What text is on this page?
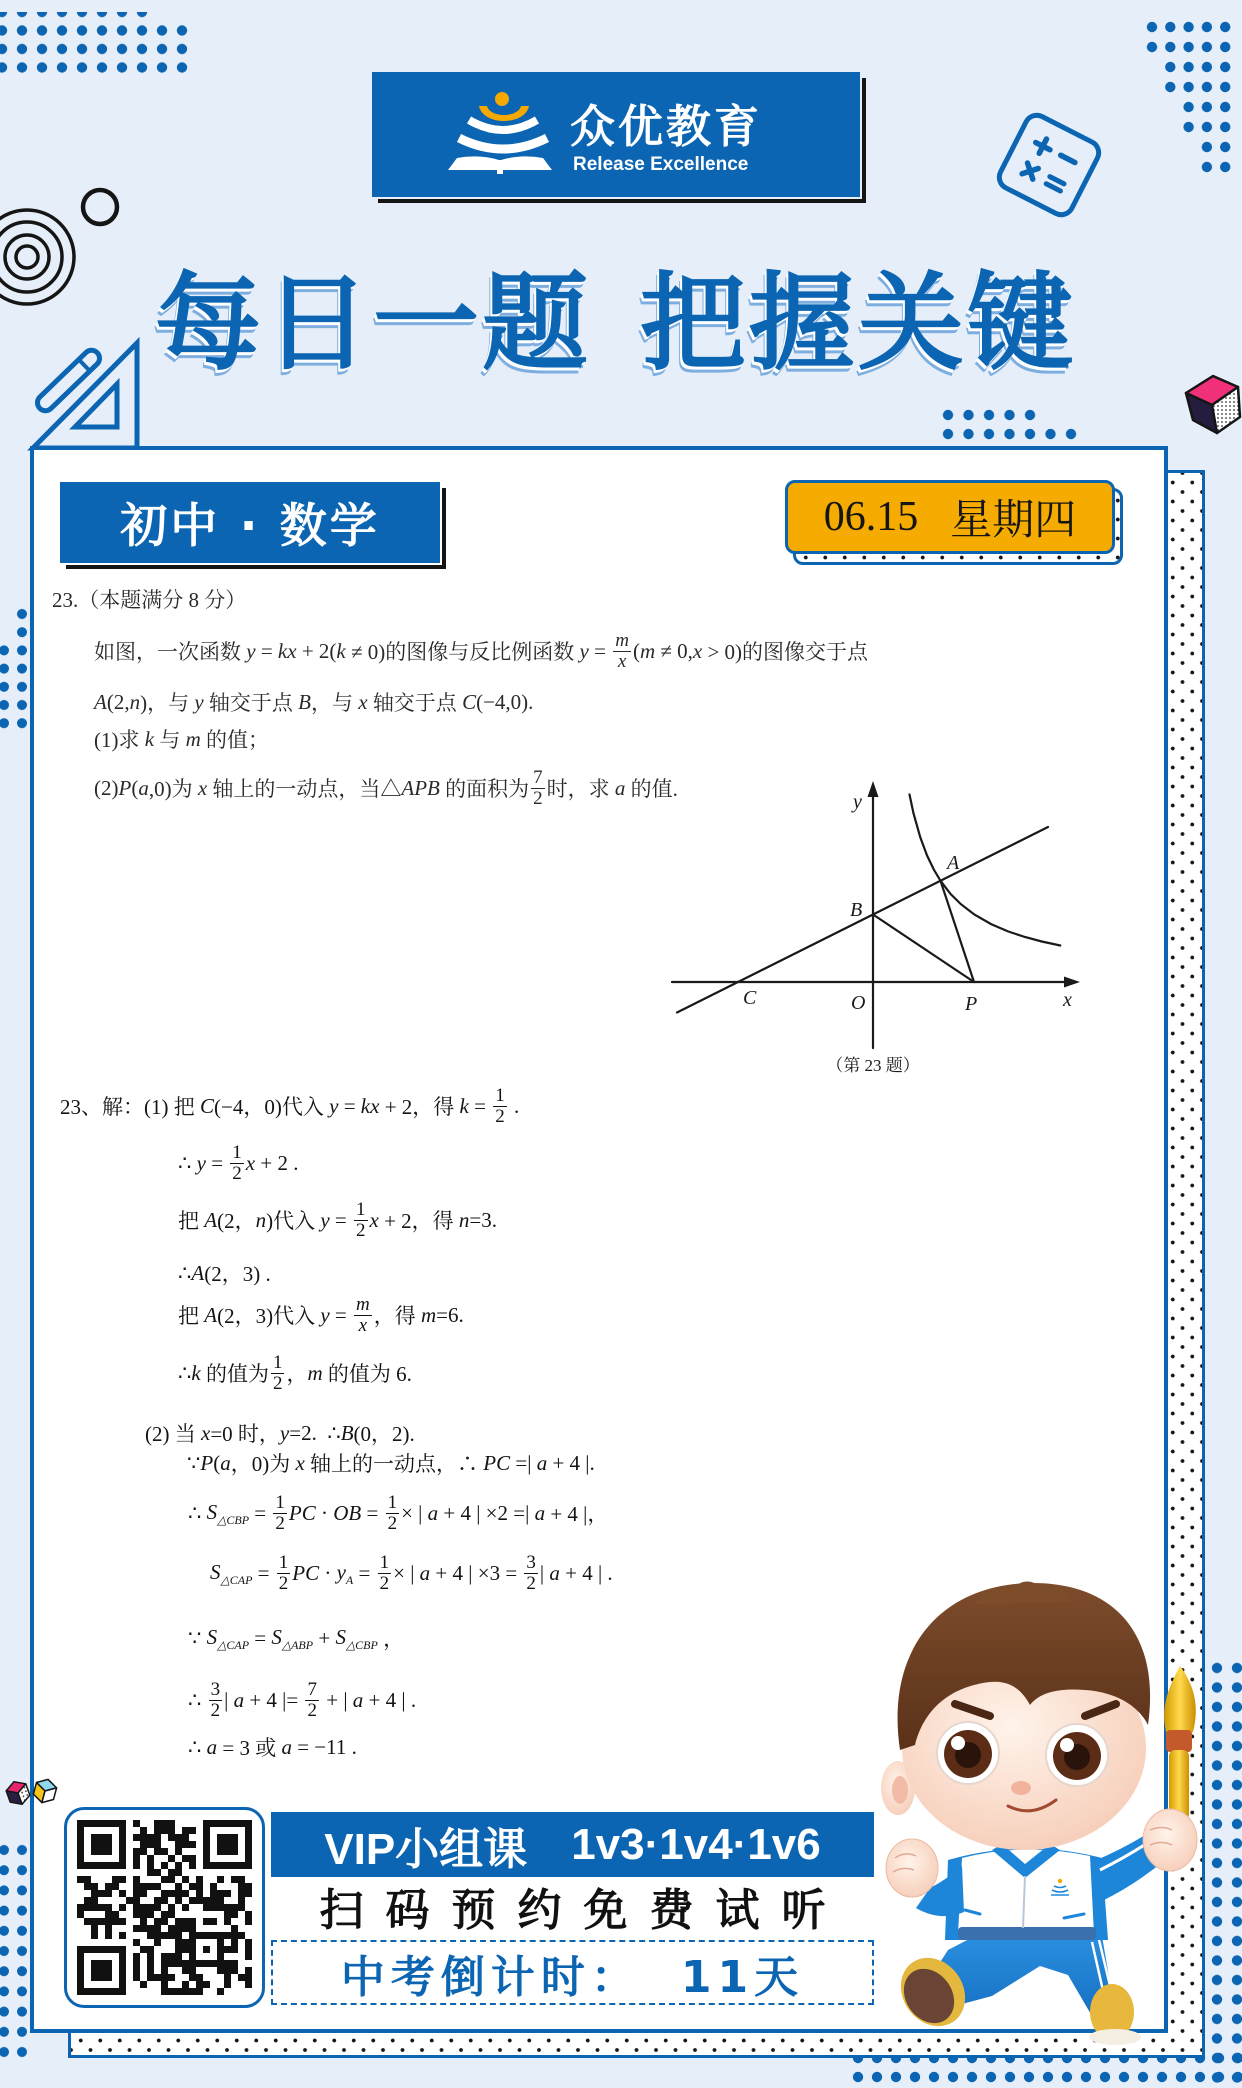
众优教育
Release Excellence
每日一题 把握关键
初中 · 数学	06.15 星期四
23.（本题满分 8 分）
如图，一次函数 y = kx + 2( k ≠ 0)的图像与反比例函数 $y = \frac{m}{x}$ ( m ≠ 0, x > 0)的图像交于点
A (2, n )，与 y 轴交于点 B ，与 x 轴交于点 C (−4,0).
(1)求 k 与 m 的值；
(2) P ( a ,0)为 x 轴上的一动点，当△ APB 的面积为 $\frac{7}{2}$ 时，求 a 的值.
y
x
A
B
C	O	P
（第 23 题）
23、解：(1) 把 C (−4，0)代入 y = kx + 2，得 $k = \frac{1}{2}$ .
∴ $y = \frac{1}{2}$ x + 2 .
把 A (2， n )代入 $y = \frac{1}{2}$ x + 2，得 n =3.
∴ A (2，3) .
把 A (2，3)代入 $y = \frac{m}{x}$ ，得 m =6.
∴ k 的值为 $\frac{1}{2}$ ， m 的值为 6.
(2) 当 x =0 时， y =2.  ∴ B (0，2).
∵ P ( a ，0)为 x 轴上的一动点，∴ PC =| a + 4 |.
∴ $S_{\triangle CBP} = \frac{1}{2}$ PC · OB = $\frac{1}{2}$ × | a + 4 | ×2 =| a + 4 |，
$S_{\triangle CAP} = \frac{1}{2}$ PC · $y_A = \frac{1}{2}$ × | a + 4 | $\times 3 = \frac{3}{2}$ | a + 4 | .
∵ $S_{\triangle CAP} = S_{\triangle ABP} + S_{\triangle CBP}$ ，
∴ $\frac{3}{2}$ | a + 4 |= $\frac{7}{2}$ + | a + 4 | .
∴ a = 3 或 a = −11 .
VIP小组课 1v3·1v4·1v6
扫码预约免费试听
中考倒计时： 11天
